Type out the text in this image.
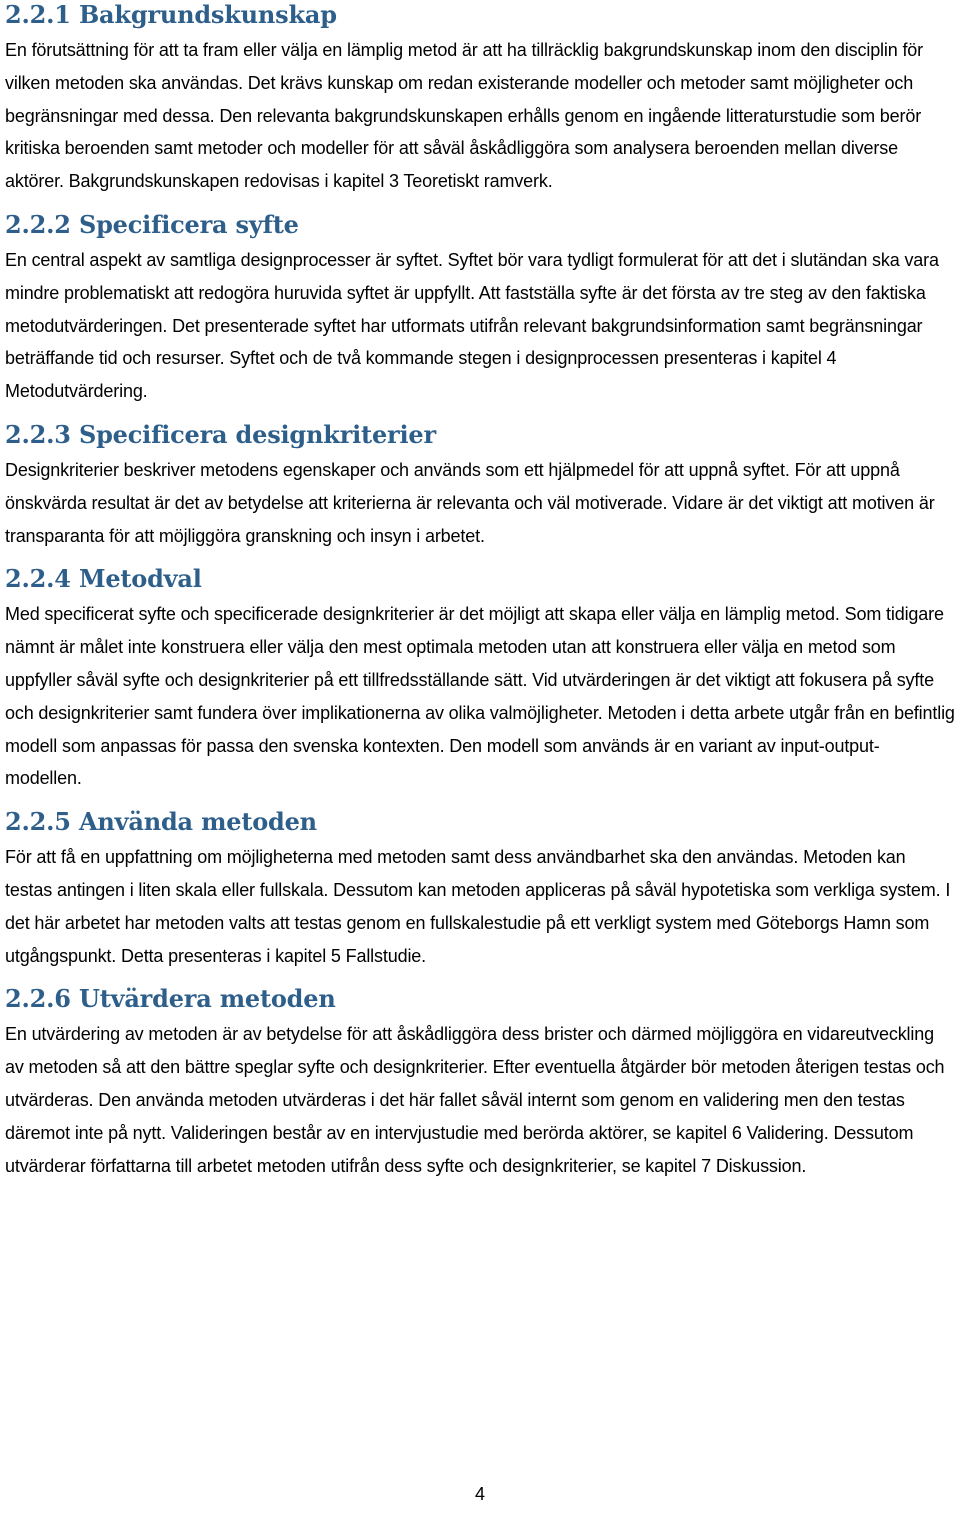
2.2.1 Bakgrundskunskap

En förutsättning för att ta fram eller välja en lämplig metod är att ha tillräcklig bakgrundskunskap inom den disciplin för vilken metoden ska användas. Det krävs kunskap om redan existerande modeller och metoder samt möjligheter och begränsningar med dessa. Den relevanta bakgrundskunskapen erhålls genom en ingående litteraturstudie som berör kritiska beroenden samt metoder och modeller för att såväl åskådliggöra som analysera beroenden mellan diverse aktörer. Bakgrundskunskapen redovisas i kapitel 3 Teoretiskt ramverk.

2.2.2 Specificera syfte

En central aspekt av samtliga designprocesser är syftet. Syftet bör vara tydligt formulerat för att det i slutändan ska vara mindre problematiskt att redogöra huruvida syftet är uppfyllt. Att fastställa syfte är det första av tre steg av den faktiska metodutvärderingen. Det presenterade syftet har utformats utifrån relevant bakgrundsinformation samt begränsningar beträffande tid och resurser. Syftet och de två kommande stegen i designprocessen presenteras i kapitel 4 Metodutvärdering.

2.2.3 Specificera designkriterier

Designkriterier beskriver metodens egenskaper och används som ett hjälpmedel för att uppnå syftet. För att uppnå önskvärda resultat är det av betydelse att kriterierna är relevanta och väl motiverade. Vidare är det viktigt att motiven är transparanta för att möjliggöra granskning och insyn i arbetet.

2.2.4 Metodval

Med specificerat syfte och specificerade designkriterier är det möjligt att skapa eller välja en lämplig metod. Som tidigare nämnt är målet inte konstruera eller välja den mest optimala metoden utan att konstruera eller välja en metod som uppfyller såväl syfte och designkriterier på ett tillfredsställande sätt. Vid utvärderingen är det viktigt att fokusera på syfte och designkriterier samt fundera över implikationerna av olika valmöjligheter. Metoden i detta arbete utgår från en befintlig modell som anpassas för passa den svenska kontexten. Den modell som används är en variant av input-output-modellen.

2.2.5 Använda metoden

För att få en uppfattning om möjligheterna med metoden samt dess användbarhet ska den användas. Metoden kan testas antingen i liten skala eller fullskala. Dessutom kan metoden appliceras på såväl hypotetiska som verkliga system. I det här arbetet har metoden valts att testas genom en fullskalestudie på ett verkligt system med Göteborgs Hamn som utgångspunkt. Detta presenteras i kapitel 5 Fallstudie.

2.2.6 Utvärdera metoden

En utvärdering av metoden är av betydelse för att åskådliggöra dess brister och därmed möjliggöra en vidareutveckling av metoden så att den bättre speglar syfte och designkriterier. Efter eventuella åtgärder bör metoden återigen testas och utvärderas. Den använda metoden utvärderas i det här fallet såväl internt som genom en validering men den testas däremot inte på nytt. Valideringen består av en intervjustudie med berörda aktörer, se kapitel 6 Validering. Dessutom utvärderar författarna till arbetet metoden utifrån dess syfte och designkriterier, se kapitel 7 Diskussion.

4
